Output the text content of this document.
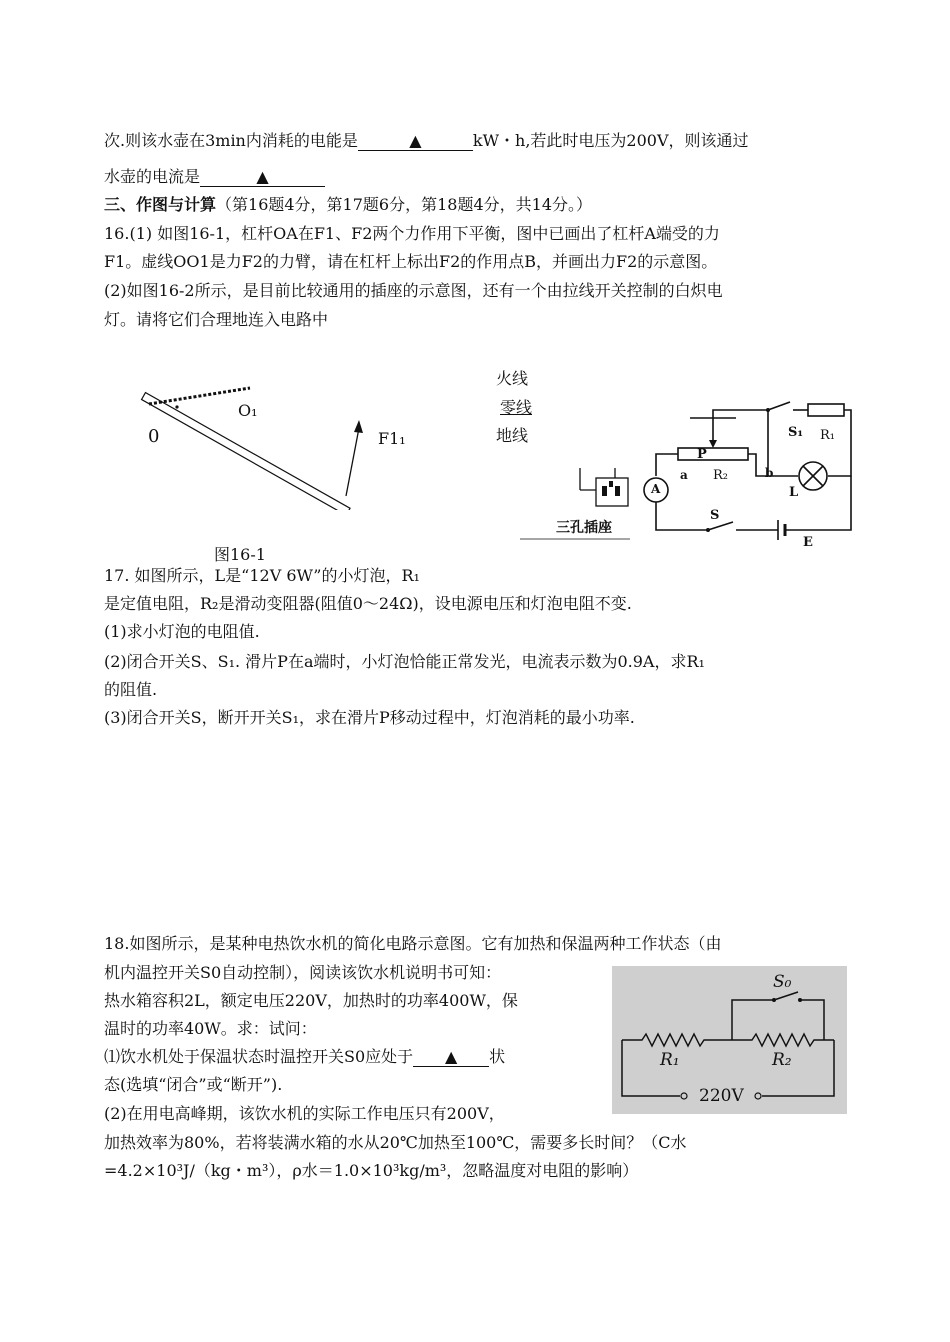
次.则该水壶在3min内消耗的电能是	▲	kW・h,若此时电压为200V，则该通过
水壶的电流是	▲
三、作图与计算（第16题4分，第17题6分，第18题4分，共14分。）
16.(1) 如图16-1，杠杆OA在F1、F2两个力作用下平衡，图中已画出了杠杆A端受的力
F1。虚线OO1是力F2的力臂，请在杠杆上标出F2的作用点B，并画出力F2的示意图。
(2)如图16-2所示，是目前比较通用的插座的示意图，还有一个由拉线开关控制的白炽电
灯。请将它们合理地连入电路中
0
O₁
F1₁
图16-1
火线
零线
地线
三孔插座
P
S₁ R₁
R₂
a	b
A	L
S
E
17. 如图所示，L是“12V 6W”的小灯泡，R₁
是定值电阻，R₂是滑动变阻器(阻值0～24Ω)，设电源电压和灯泡电阻不变.
(1)求小灯泡的电阻值.
(2)闭合开关S、S₁. 滑片P在a端时，小灯泡恰能正常发光，电流表示数为0.9A，求R₁
的阻值.
(3)闭合开关S，断开开关S₁，求在滑片P移动过程中，灯泡消耗的最小功率.
18.如图所示，是某种电热饮水机的简化电路示意图。它有加热和保温两种工作状态（由
机内温控开关S0自动控制），阅读该饮水机说明书可知：
热水箱容积2L，额定电压220V，加热时的功率400W，保
温时的功率40W。求：试问：
⑴饮水机处于保温状态时温控开关S0应处于 ▲ 状
态(选填“闭合”或“断开”).
(2)在用电高峰期，该饮水机的实际工作电压只有200V，
加热效率为80%，若将装满水箱的水从20℃加热至100℃，需要多长时间？（C水
=4.2×10³J/（kg・m³），ρ水＝1.0×10³kg/m³，忽略温度对电阻的影响）
S₀
R₁	R₂
220V
